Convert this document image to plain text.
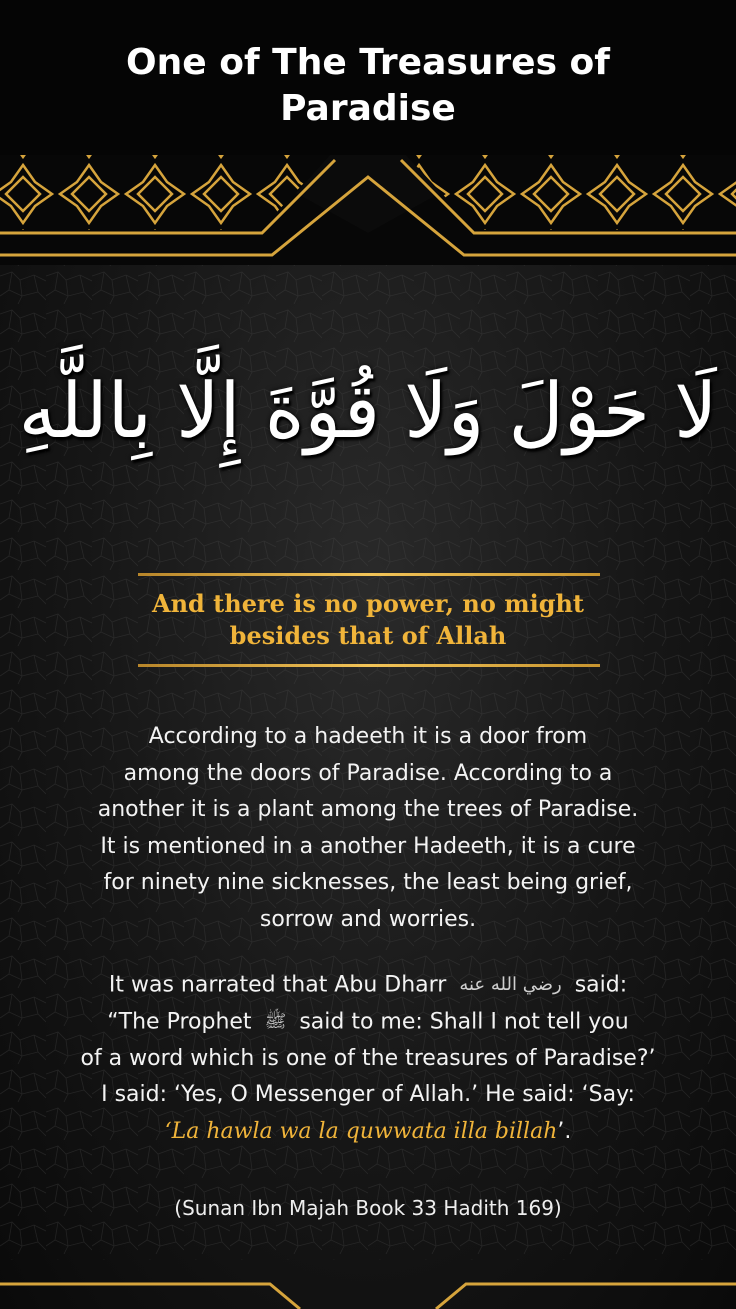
One of The Treasures of Paradise
لَا حَوْلَ وَلَا قُوَّةَ إِلَّا بِاللَّهِ
And there is no power, no might
besides that of Allah
According to a hadeeth it is a door from
among the doors of Paradise. According to a
another it is a plant among the trees of Paradise.
It is mentioned in a another Hadeeth, it is a cure
for ninety nine sicknesses, the least being grief,
sorrow and worries.
It was narrated that Abu Dharr رضي الله عنه said:
“The Prophet ﷺ said to me: Shall I not tell you
of a word which is one of the treasures of Paradise?’
I said: ‘Yes, O Messenger of Allah.’ He said: ‘Say:
‘La hawla wa la quwwata illa billah’.
(Sunan Ibn Majah Book 33 Hadith 169)
